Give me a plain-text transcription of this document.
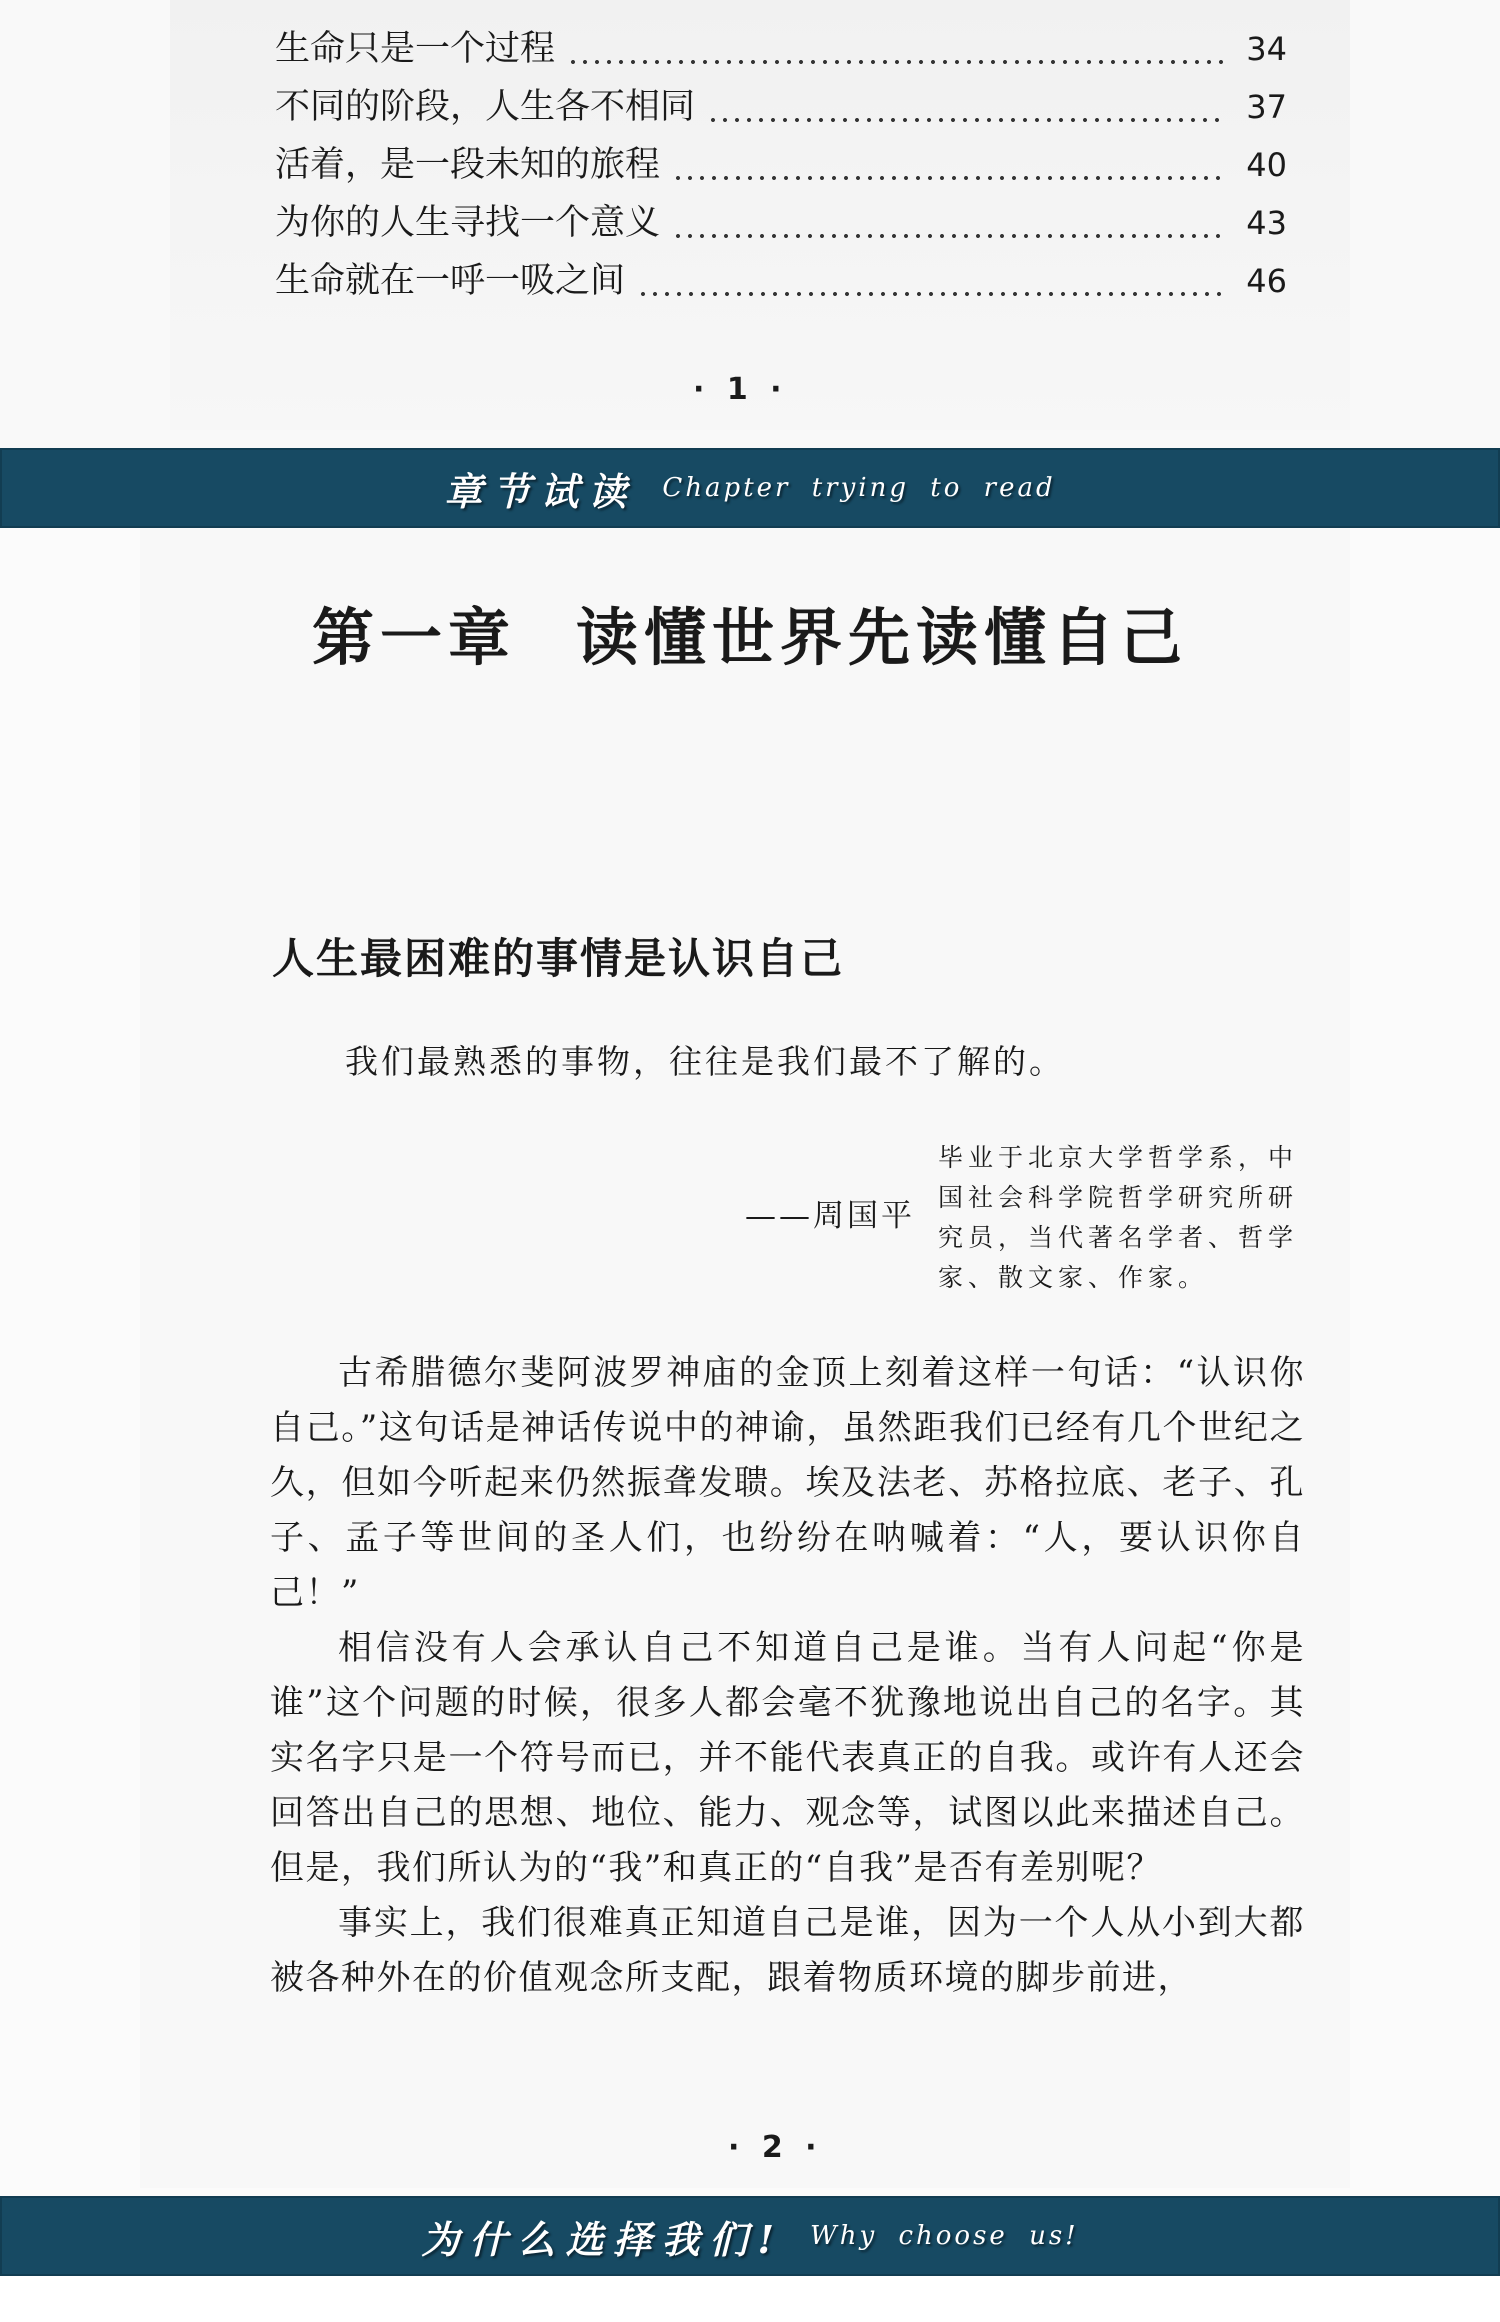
生命只是一个过程	34
不同的阶段，人生各不相同	37
活着，是一段未知的旅程	40
为你的人生寻找一个意义	43
生命就在一呼一吸之间	46
· 1 ·
章节试读 Chapter trying to read
第一章 读懂世界先读懂自己
人生最困难的事情是认识自己
我们最熟悉的事物，往往是我们最不了解的。
——周国平
毕业于北京大学哲学系，中国社会科学院哲学研究所研究员，当代著名学者、哲学家、散文家、作家。

古希腊德尔斐阿波罗神庙的金顶上刻着这样一句话：“认识你自己。”这句话是神话传说中的神谕，虽然距我们已经有几个世纪之久，但如今听起来仍然振聋发聩。埃及法老、苏格拉底、老子、孔子、孟子等世间的圣人们，也纷纷在呐喊着：“人，要认识你自己！”

相信没有人会承认自己不知道自己是谁。当有人问起“你是谁”这个问题的时候，很多人都会毫不犹豫地说出自己的名字。其实名字只是一个符号而已，并不能代表真正的自我。或许有人还会回答出自己的思想、地位、能力、观念等，试图以此来描述自己。但是，我们所认为的“我”和真正的“自我”是否有差别呢？

事实上，我们很难真正知道自己是谁，因为一个人从小到大都被各种外在的价值观念所支配，跟着物质环境的脚步前进，

· 2 ·
为什么选择我们! Why choose us!
